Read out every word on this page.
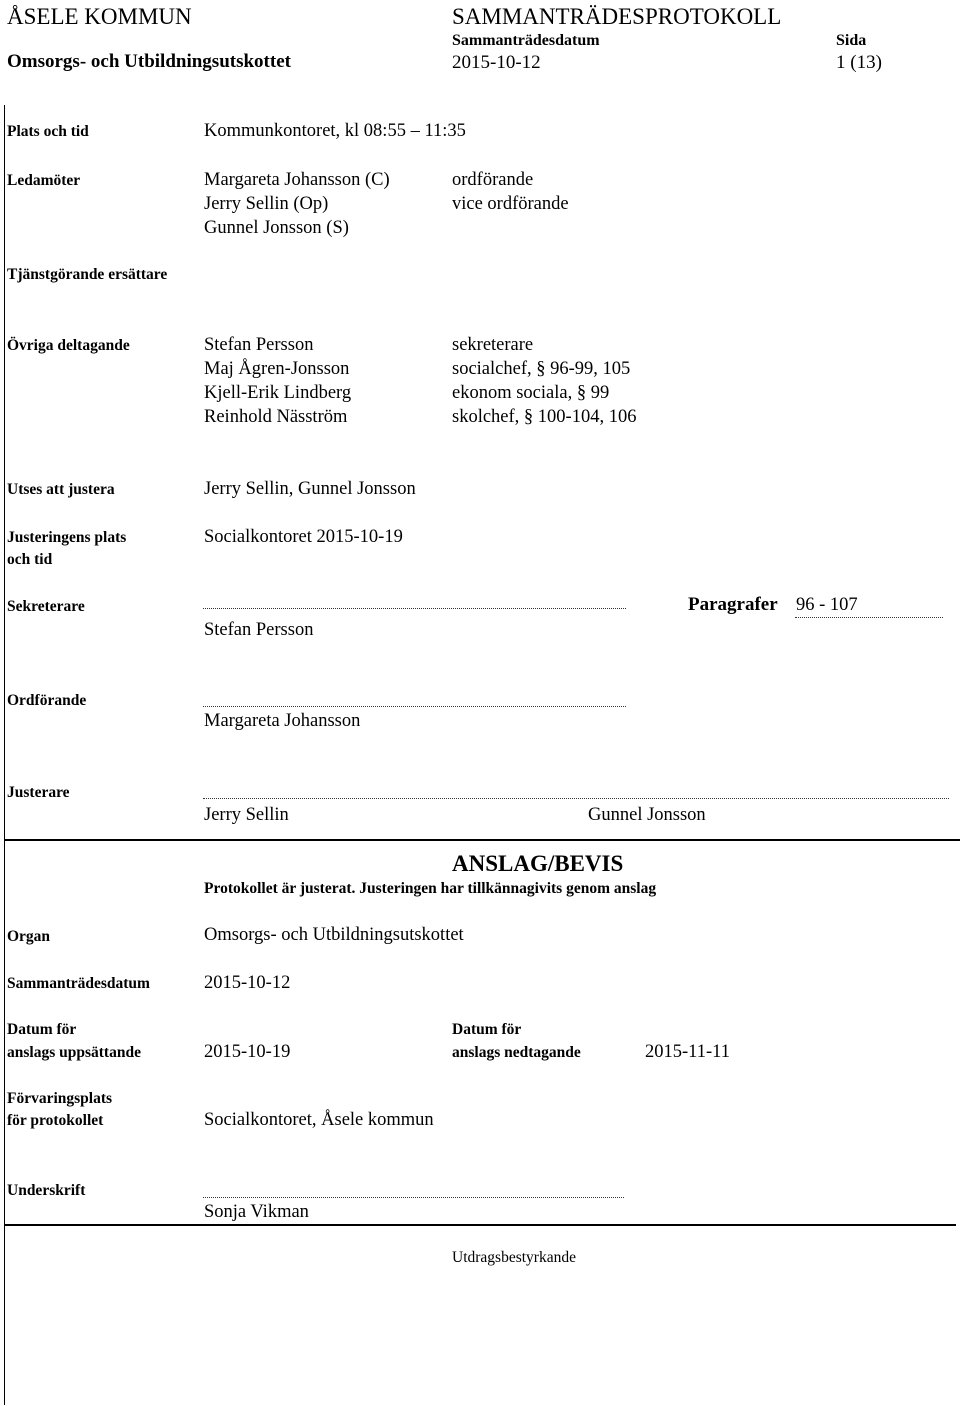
ÅSELE KOMMUN
Omsorgs- och Utbildningsutskottet
SAMMANTRÄDESPROTOKOLL
Sammanträdesdatum
2015-10-12
Sida
1 (13)
Plats och tid	Kommunkontoret, kl 08:55 – 11:35
Ledamöter	Margareta Johansson (C)	ordförande
Jerry Sellin (Op)	vice ordförande
Gunnel Jonsson (S)
Tjänstgörande ersättare
Övriga deltagande	Stefan Persson	sekreterare
Maj Ågren-Jonsson	socialchef, § 96-99, 105
Kjell-Erik Lindberg	ekonom sociala, § 99
Reinhold Näsström	skolchef, § 100-104, 106
Utses att justera	Jerry Sellin, Gunnel Jonsson
Justeringens plats
och tid
Socialkontoret 2015-10-19
Sekreterare
Stefan Persson
Paragrafer 96 - 107
Ordförande
Margareta Johansson
Justerare
Jerry Sellin	Gunnel Jonsson
ANSLAG/BEVIS
Protokollet är justerat. Justeringen har tillkännagivits genom anslag
Organ	Omsorgs- och Utbildningsutskottet
Sammanträdesdatum	2015-10-12
Datum för
anslags uppsättande	2015-10-19
Datum för
anslags nedtagande	2015-11-11
Förvaringsplats
för protokollet	Socialkontoret, Åsele kommun
Underskrift
Sonja Vikman
Utdragsbestyrkande
